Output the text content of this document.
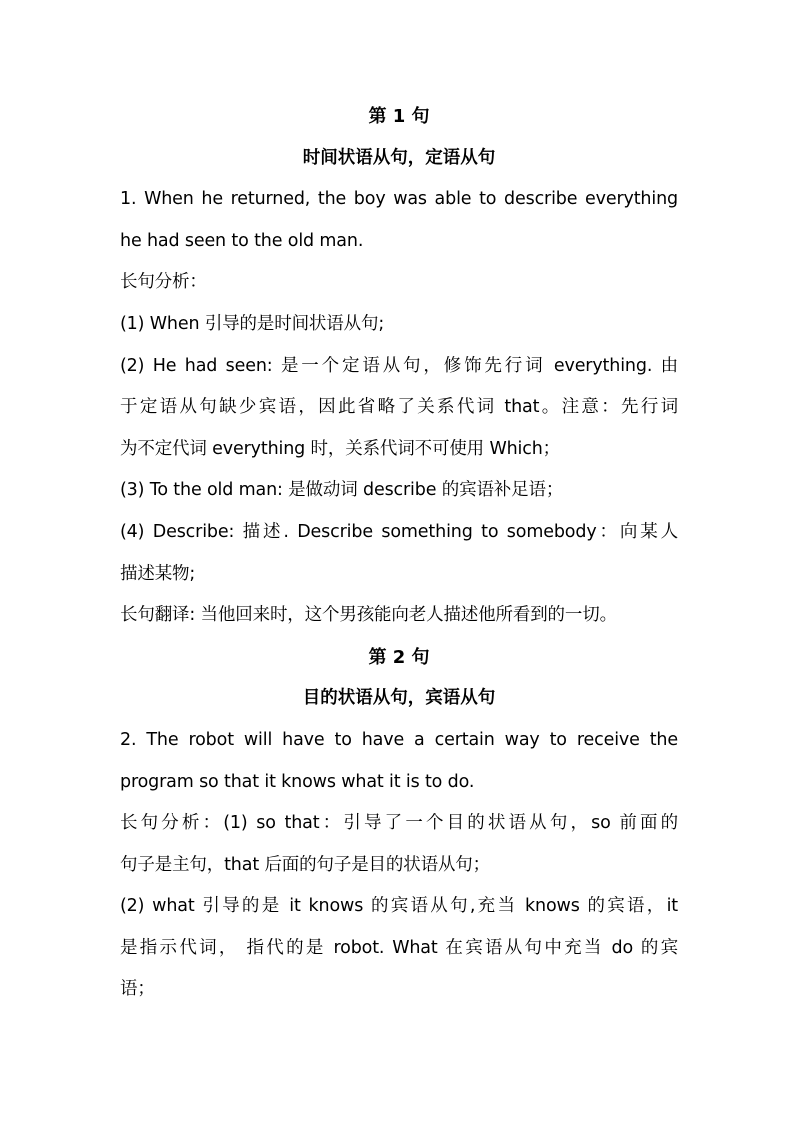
第 1 句
时间状语从句，定语从句
1. When he returned, the boy was able to describe everything
he had seen to the old man.
长句分析：
(1) When 引导的是时间状语从句;
(2) He had seen: 是一个定语从句，修饰先行词 everything. 由
于定语从句缺少宾语，因此省略了关系代词 that。注意：先行词
为不定代词 everything 时，关系代词不可使用 Which；
(3) To the old man: 是做动词 describe 的宾语补足语；
(4) Describe: 描述. Describe something to somebody：向某人
描述某物;
长句翻译: 当他回来时，这个男孩能向老人描述他所看到的一切。
第 2 句
目的状语从句，宾语从句
2. The robot will have to have a certain way to receive the
program so that it knows what it is to do.
长句分析：(1) so that：引导了一个目的状语从句，so 前面的
句子是主句，that 后面的句子是目的状语从句；
(2) what 引导的是 it knows 的宾语从句,充当 knows 的宾语，it
是指示代词， 指代的是 robot. What 在宾语从句中充当 do 的宾
语；
